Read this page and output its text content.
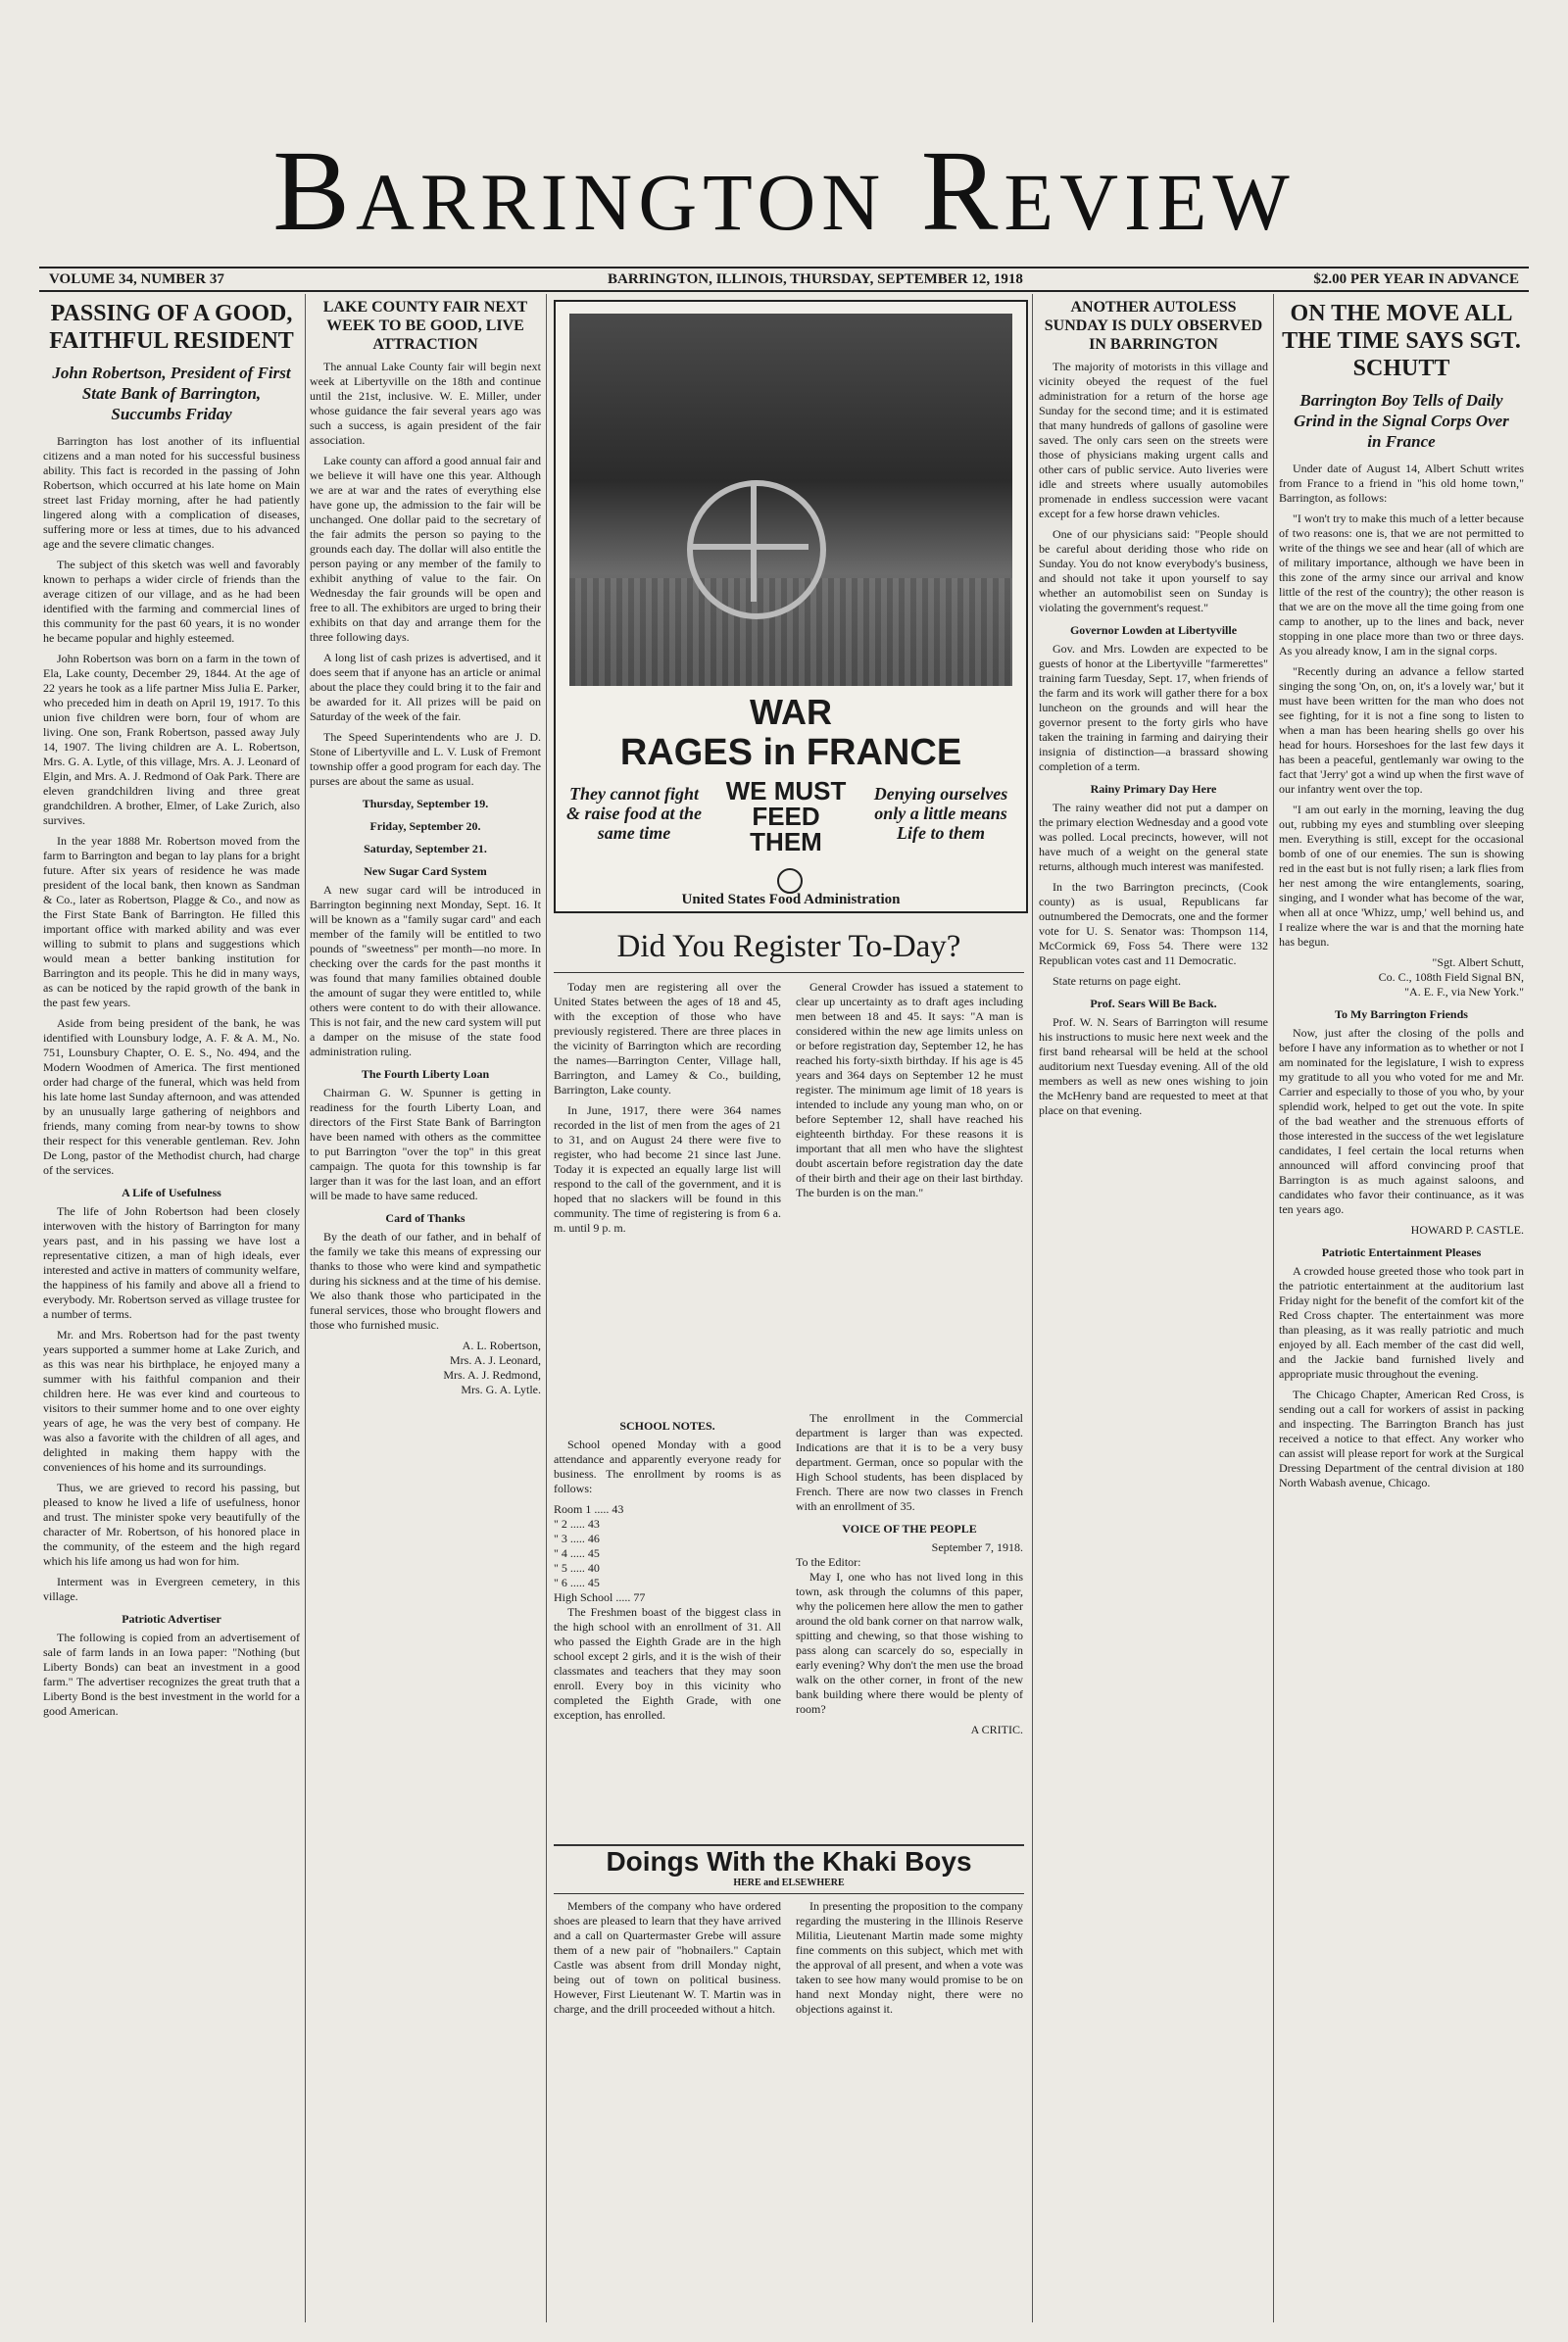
Barrington Review
VOLUME 34, NUMBER 37	BARRINGTON, ILLINOIS, THURSDAY, SEPTEMBER 12, 1918	$2.00 PER YEAR IN ADVANCE
PASSING OF A GOOD, FAITHFUL RESIDENT
John Robertson, President of First State Bank of Barrington, Succumbs Friday

Barrington has lost another of its influential citizens and a man noted for his successful business ability. This fact is recorded in the passing of John Robertson, which occurred at his late home on Main street last Friday morning, after he had patiently lingered along with a complication of diseases, suffering more or less at times, due to his advanced age and the severe climatic changes.

The subject of this sketch was well and favorably known to perhaps a wider circle of friends than the average citizen of our village, and as he had been identified with the farming and commercial lines of this community for the past 60 years, it is no wonder he became popular and highly esteemed.

John Robertson was born on a farm in the town of Ela, Lake county, December 29, 1844. At the age of 22 years he took as a life partner Miss Julia E. Parker, who preceded him in death on April 19, 1917. To this union five children were born, four of whom are living. One son, Frank Robertson, passed away July 14, 1907. The living children are A. L. Robertson, Mrs. G. A. Lytle, of this village, Mrs. A. J. Leonard of Elgin, and Mrs. A. J. Redmond of Oak Park. There are eleven grandchildren living and three great grandchildren. A brother, Elmer, of Lake Zurich, also survives.

In the year 1888 Mr. Robertson moved from the farm to Barrington and began to lay plans for a bright future. After six years of residence he was made president of the local bank, then known as Sandman & Co., later as Robertson, Plagge & Co., and now as the First State Bank of Barrington. He filled this important office with marked ability and was ever willing to submit to plans and suggestions which would mean a better banking institution for Barrington and its people. This he did in many ways, as can be noticed by the rapid growth of the bank in the past few years.

Aside from being president of the bank, he was identified with Lounsbury lodge, A. F. & A. M., No. 751, Lounsbury Chapter, O. E. S., No. 494, and the Modern Woodmen of America. The first mentioned order had charge of the funeral, which was held from his late home last Sunday afternoon, and was attended by an unusually large gathering of neighbors and friends, many coming from near-by towns to show their respect for this venerable gentleman. Rev. John De Long, pastor of the Methodist church, had charge of the services.

A Life of Usefulness

The life of John Robertson had been closely interwoven with the history of Barrington for many years past, and in his passing we have lost a representative citizen, a man of high ideals, ever interested and active in matters of community welfare, the happiness of his family and above all a friend to everybody. Mr. Robertson served as village trustee for a number of terms.

Mr. and Mrs. Robertson had for the past twenty years supported a summer home at Lake Zurich, and as this was near his birthplace, he enjoyed many a summer with his faithful companion and their children here. He was ever kind and courteous to visitors to their summer home and to one over eighty years of age, he was the very best of company. He was also a favorite with the children of all ages, and delighted in making them happy with the conveniences of his home and its surroundings.

Thus, we are grieved to record his passing, but pleased to know he lived a life of usefulness, honor and trust. The minister spoke very beautifully of the character of Mr. Robertson, of his honored place in the community, of the esteem and the high regard which his life among us had won for him.

Interment was in Evergreen cemetery, in this village.

Patriotic Advertiser

The following is copied from an advertisement of sale of farm lands in an Iowa paper: "Nothing (but Liberty Bonds) can beat an investment in a good farm." The advertiser recognizes the great truth that a Liberty Bond is the best investment in the world for a good American.

LAKE COUNTY FAIR NEXT WEEK TO BE GOOD, LIVE ATTRACTION

The annual Lake County fair will begin next week at Libertyville on the 18th and continue until the 21st, inclusive. W. E. Miller, under whose guidance the fair several years ago was such a success, is again president of the fair association.

Lake county can afford a good annual fair and we believe it will have one this year. Although we are at war and the rates of everything else have gone up, the admission to the fair will be unchanged. One dollar paid to the secretary of the fair admits the person so paying to the grounds each day. The dollar will also entitle the person paying or any member of the family to exhibit anything of value to the fair. On Wednesday the fair grounds will be open and free to all. The exhibitors are urged to bring their exhibits on that day and arrange them for the three following days.

A long list of cash prizes is advertised, and it does seem that if anyone has an article or animal about the place they could bring it to the fair and be awarded for it. All prizes will be paid on Saturday of the week of the fair.

The Speed Superintendents who are J. D. Stone of Libertyville and L. V. Lusk of Fremont township offer a good program for each day. The purses are about the same as usual.

Thursday, September 19.
Friday, September 20.
Saturday, September 21.
New Sugar Card System

A new sugar card will be introduced in Barrington beginning next Monday, Sept. 16. It will be known as a "family sugar card" and each member of the family will be entitled to two pounds of "sweetness" per month—no more. In checking over the cards for the past months it was found that many families obtained double the amount of sugar they were entitled to, while others were content to do with their allowance. This is not fair, and the new card system will put a damper on the misuse of the state food administration ruling.

The Fourth Liberty Loan

Chairman G. W. Spunner is getting in readiness for the fourth Liberty Loan, and directors of the First State Bank of Barrington have been named with others as the committee to put Barrington "over the top" in this great campaign. The quota for this township is far larger than it was for the last loan, and an effort will be made to have same reduced.

Card of Thanks

By the death of our father, and in behalf of the family we take this means of expressing our thanks to those who were kind and sympathetic during his sickness and at the time of his demise. We also thank those who participated in the funeral services, those who brought flowers and those who furnished music.

A. L. Robertson,
Mrs. A. J. Leonard,
Mrs. A. J. Redmond,
Mrs. G. A. Lytle.
WAR
RAGES in FRANCE
They cannot fight & raise food at the same time
WE MUST FEED THEM
Denying ourselves only a little means Life to them
United States Food Administration
Did You Register To-Day?

Today men are registering all over the United States between the ages of 18 and 45, with the exception of those who have previously registered. There are three places in the vicinity of Barrington which are recording the names—Barrington Center, Village hall, Barrington, and Lamey & Co., building, Barrington, Lake county.

In June, 1917, there were 364 names recorded in the list of men from the ages of 21 to 31, and on August 24 there were five to register, who had become 21 since last June. Today it is expected an equally large list will respond to the call of the government, and it is hoped that no slackers will be found in this community. The time of registering is from 6 a. m. until 9 p. m.

General Crowder has issued a statement to clear up uncertainty as to draft ages including men between 18 and 45. It says: "A man is considered within the new age limits unless on or before registration day, September 12, he has reached his forty-sixth birthday. If his age is 45 years and 364 days on September 12 he must register. The minimum age limit of 18 years is intended to include any young man who, on or before September 12, shall have reached his eighteenth birthday. For these reasons it is important that all men who have the slightest doubt ascertain before registration day the date of their birth and their age on their last birthday. The burden is on the man."

SCHOOL NOTES.

School opened Monday with a good attendance and apparently everyone ready for business. The enrollment by rooms is as follows:

Room 1 ..... 43
" 2 ..... 43
" 3 ..... 46
" 4 ..... 45
" 5 ..... 40
" 6 ..... 45
High School ..... 77

The Freshmen boast of the biggest class in the high school with an enrollment of 31. All who passed the Eighth Grade are in the high school except 2 girls, and it is the wish of their classmates and teachers that they may soon enroll. Every boy in this vicinity who completed the Eighth Grade, with one exception, has enrolled.

The enrollment in the Commercial department is larger than was expected. Indications are that it is to be a very busy department. German, once so popular with the High School students, has been displaced by French. There are now two classes in French with an enrollment of 35.

VOICE OF THE PEOPLE
September 7, 1918.
To the Editor:

May I, one who has not lived long in this town, ask through the columns of this paper, why the policemen here allow the men to gather around the old bank corner on that narrow walk, spitting and chewing, so that those wishing to pass along can scarcely do so, especially in early evening? Why don't the men use the broad walk on the other corner, in front of the new bank building where there would be plenty of room?

A CRITIC.
Doings With the Khaki Boys
HERE and ELSEWHERE

Members of the company who have ordered shoes are pleased to learn that they have arrived and a call on Quartermaster Grebe will assure them of a new pair of "hobnailers." Captain Castle was absent from drill Monday night, being out of town on political business. However, First Lieutenant W. T. Martin was in charge, and the drill proceeded without a hitch.

In presenting the proposition to the company regarding the mustering in the Illinois Reserve Militia, Lieutenant Martin made some mighty fine comments on this subject, which met with the approval of all present, and when a vote was taken to see how many would promise to be on hand next Monday night, there were no objections against it.

ANOTHER AUTOLESS SUNDAY IS DULY OBSERVED IN BARRINGTON

The majority of motorists in this village and vicinity obeyed the request of the fuel administration for a return of the horse age Sunday for the second time; and it is estimated that many hundreds of gallons of gasoline were saved. The only cars seen on the streets were those of physicians making urgent calls and other cars of public service. Auto liveries were idle and streets where usually automobiles promenade in endless succession were vacant except for a few horse drawn vehicles.

One of our physicians said: "People should be careful about deriding those who ride on Sunday. You do not know everybody's business, and should not take it upon yourself to say whether an automobilist seen on Sunday is violating the government's request."

Governor Lowden at Libertyville

Gov. and Mrs. Lowden are expected to be guests of honor at the Libertyville "farmerettes" training farm Tuesday, Sept. 17, when friends of the farm and its work will gather there for a box luncheon on the grounds and will hear the governor present to the forty girls who have taken the training in farming and dairying their insignia of distinction—a brassard showing completion of a term.

Rainy Primary Day Here

The rainy weather did not put a damper on the primary election Wednesday and a good vote was polled. Local precincts, however, will not have much of a weight on the general state returns, although much interest was manifested.

In the two Barrington precincts, (Cook county) as is usual, Republicans far outnumbered the Democrats, one and the former vote for U. S. Senator was: Thompson 114, McCormick 69, Foss 54. There were 132 Republican votes cast and 11 Democratic.

State returns on page eight.

Prof. Sears Will Be Back.

Prof. W. N. Sears of Barrington will resume his instructions to music here next week and the first band rehearsal will be held at the school auditorium next Tuesday evening. All of the old members as well as new ones wishing to join the McHenry band are requested to meet at that place on that evening.

ON THE MOVE ALL THE TIME SAYS SGT. SCHUTT
Barrington Boy Tells of Daily Grind in the Signal Corps Over in France

Under date of August 14, Albert Schutt writes from France to a friend in "his old home town," Barrington, as follows:

"I won't try to make this much of a letter because of two reasons: one is, that we are not permitted to write of the things we see and hear (all of which are of military importance, although we have been in this zone of the army since our arrival and know little of the rest of the country); the other reason is that we are on the move all the time going from one camp to another, up to the lines and back, never stopping in one place more than two or three days. As you already know, I am in the signal corps.

"Recently during an advance a fellow started singing the song 'On, on, on, it's a lovely war,' but it must have been written for the man who does not see fighting, for it is not a fine song to listen to when a man has been hearing shells go over his head for hours. Horseshoes for the last few days it has been a peaceful, gentlemanly war owing to the fact that 'Jerry' got a wind up when the first wave of our infantry went over the top.

"I am out early in the morning, leaving the dug out, rubbing my eyes and stumbling over sleeping men. Everything is still, except for the occasional bomb of one of our enemies. The sun is showing red in the east but is not fully risen; a lark flies from her nest among the wire entanglements, soaring, singing, and I wonder what has become of the war, when all at once 'Whizz, ump,' well behind us, and I realize where the war is and that the morning hate has begun.

"Sgt. Albert Schutt,
Co. C., 108th Field Signal BN,
"A. E. F., via New York."
To My Barrington Friends

Now, just after the closing of the polls and before I have any information as to whether or not I am nominated for the legislature, I wish to express my gratitude to all you who voted for me and Mr. Carrier and especially to those of you who, by your splendid work, helped to get out the vote. In spite of the bad weather and the strenuous efforts of those interested in the success of the wet legislature candidates, I feel certain the local returns when announced will afford convincing proof that Barrington is as much against saloons, and candidates who favor their continuance, as it was ten years ago.

HOWARD P. CASTLE.
Patriotic Entertainment Pleases

A crowded house greeted those who took part in the patriotic entertainment at the auditorium last Friday night for the benefit of the comfort kit of the Red Cross chapter. The entertainment was more than pleasing, as it was really patriotic and much enjoyed by all. Each member of the cast did well, and the Jackie band furnished lively and appropriate music throughout the evening.

The Chicago Chapter, American Red Cross, is sending out a call for workers of assist in packing and inspecting. The Barrington Branch has just received a notice to that effect. Any worker who can assist will please report for work at the Surgical Dressing Department of the central division at 180 North Wabash avenue, Chicago.
